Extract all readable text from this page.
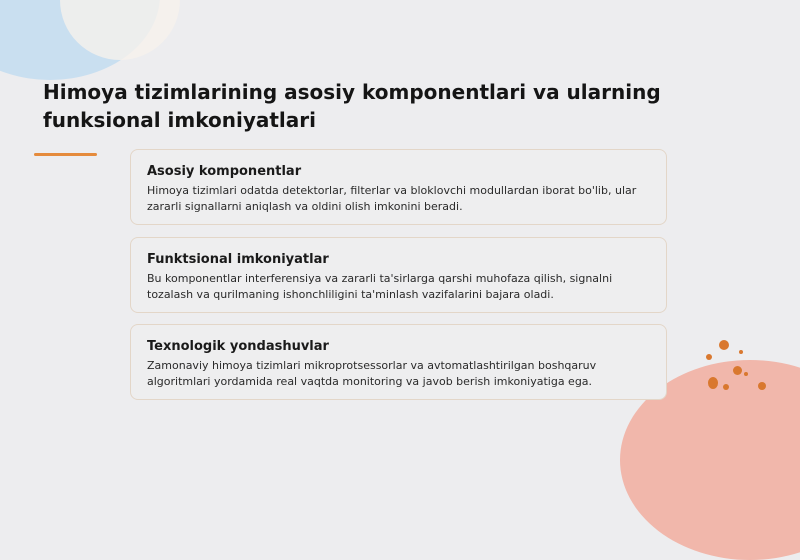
Himoya tizimlarining asosiy komponentlari va ularning funksional imkoniyatlari
Asosiy komponentlar

Himoya tizimlari odatda detektorlar, filterlar va bloklovchi modullardan iborat bo'lib, ular zararli signallarni aniqlash va oldini olish imkonini beradi.

Funktsional imkoniyatlar

Bu komponentlar interferensiya va zararli ta'sirlarga qarshi muhofaza qilish, signalni tozalash va qurilmaning ishonchliligini ta'minlash vazifalarini bajara oladi.

Texnologik yondashuvlar

Zamonaviy himoya tizimlari mikroprotsessorlar va avtomatlashtirilgan boshqaruv algoritmlari yordamida real vaqtda monitoring va javob berish imkoniyatiga ega.
